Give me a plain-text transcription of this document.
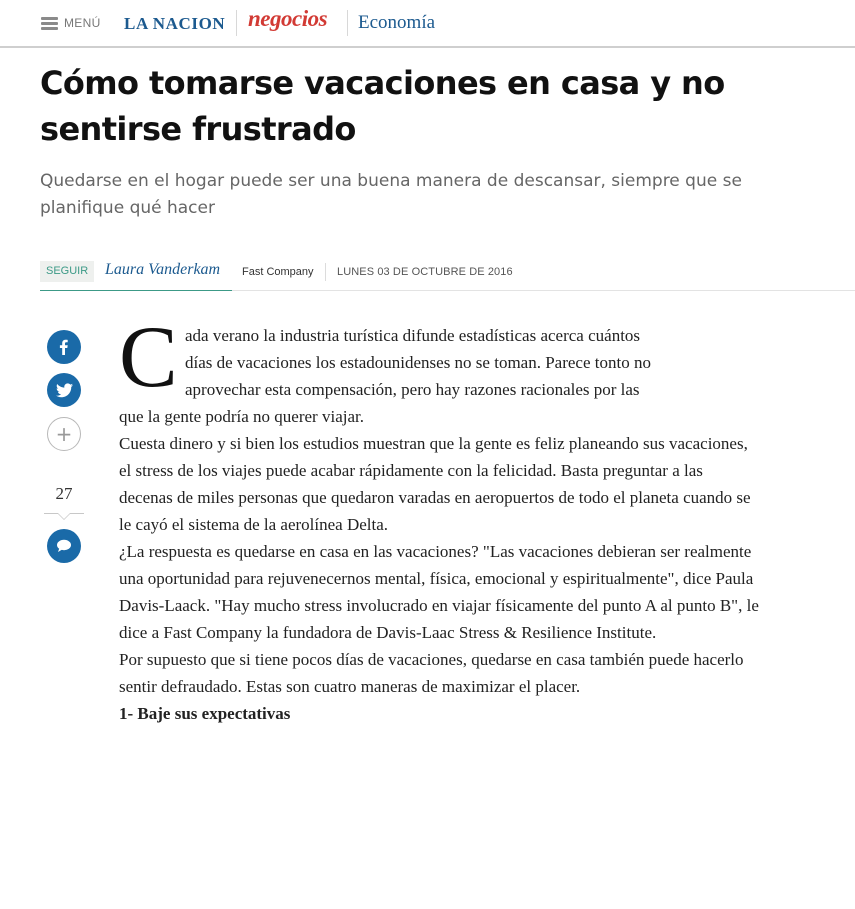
MENÚ LA NACION negocios Economía
Cómo tomarse vacaciones en casa y no sentirse frustrado

Quedarse en el hogar puede ser una buena manera de descansar, siempre que se planifique qué hacer

SEGUIR	Laura Vanderkam Fast Company LUNES 03 DE OCTUBRE DE 2016
+
27
C ada verano la industria turística difunde estadísticas acerca cuántos
días de vacaciones los estadounidenses no se toman. Parece tonto no
aprovechar esta compensación, pero hay razones racionales por las
que la gente podría no querer viajar.

Cuesta dinero y si bien los estudios muestran que la gente es feliz planeando sus vacaciones, el stress de los viajes puede acabar rápidamente con la felicidad. Basta preguntar a las decenas de miles personas que quedaron varadas en aeropuertos de todo el planeta cuando se le cayó el sistema de la aerolínea Delta.

¿La respuesta es quedarse en casa en las vacaciones? "Las vacaciones debieran ser realmente una oportunidad para rejuvenecernos mental, física, emocional y espiritualmente", dice Paula Davis-Laack. "Hay mucho stress involucrado en viajar físicamente del punto A al punto B", le dice a Fast Company la fundadora de Davis-Laac Stress & Resilience Institute.

Por supuesto que si tiene pocos días de vacaciones, quedarse en casa también puede hacerlo sentir defraudado. Estas son cuatro maneras de maximizar el placer.

1- Baje sus expectativas
